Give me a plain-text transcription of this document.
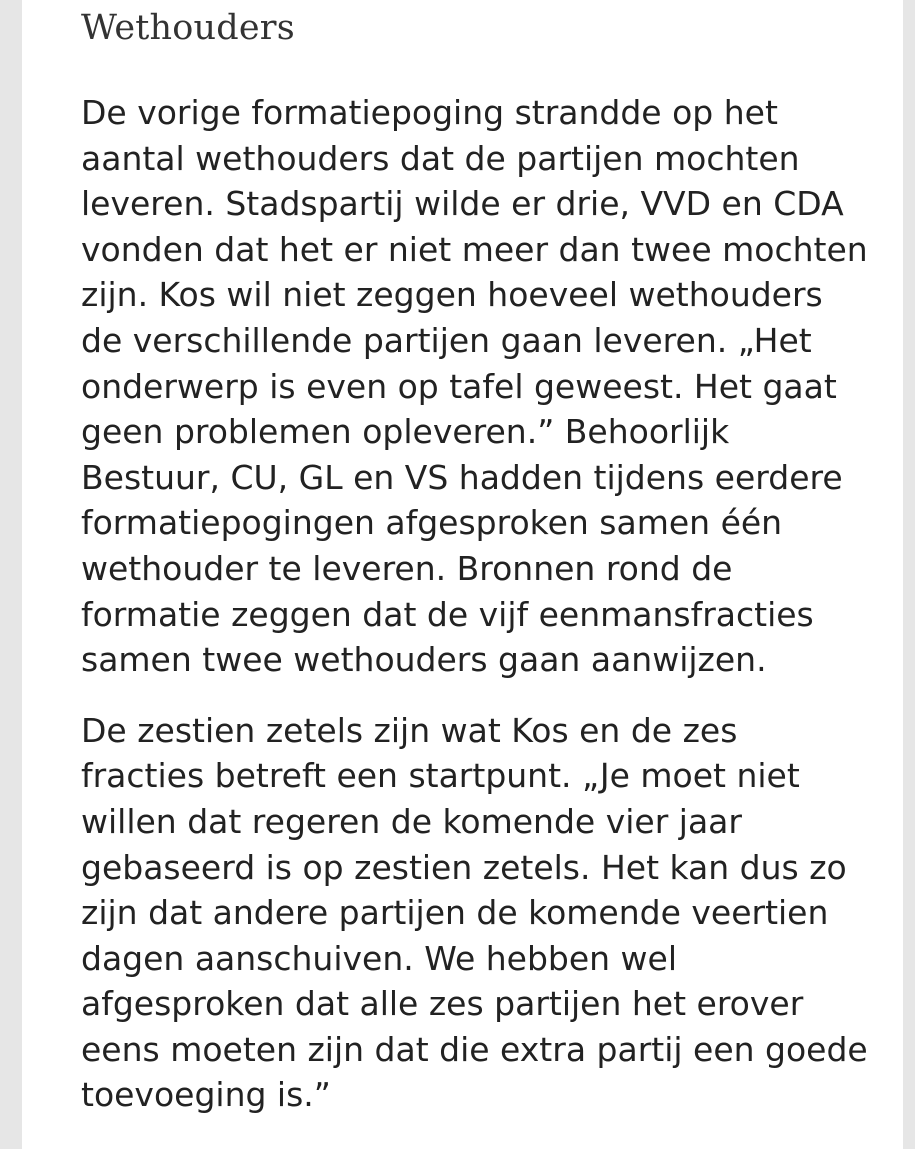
Wethouders

De vorige formatiepoging strandde op het
aantal wethouders dat de partijen mochten
leveren. Stadspartij wilde er drie, VVD en CDA
vonden dat het er niet meer dan twee mochten
zijn. Kos wil niet zeggen hoeveel wethouders
de verschillende partijen gaan leveren. „Het
onderwerp is even op tafel geweest. Het gaat
geen problemen opleveren.” Behoorlijk
Bestuur, CU, GL en VS hadden tijdens eerdere
formatiepogingen afgesproken samen één
wethouder te leveren. Bronnen rond de
formatie zeggen dat de vijf eenmansfracties
samen twee wethouders gaan aanwijzen.

De zestien zetels zijn wat Kos en de zes
fracties betreft een startpunt. „Je moet niet
willen dat regeren de komende vier jaar
gebaseerd is op zestien zetels. Het kan dus zo
zijn dat andere partijen de komende veertien
dagen aanschuiven. We hebben wel
afgesproken dat alle zes partijen het erover
eens moeten zijn dat die extra partij een goede
toevoeging is.”
